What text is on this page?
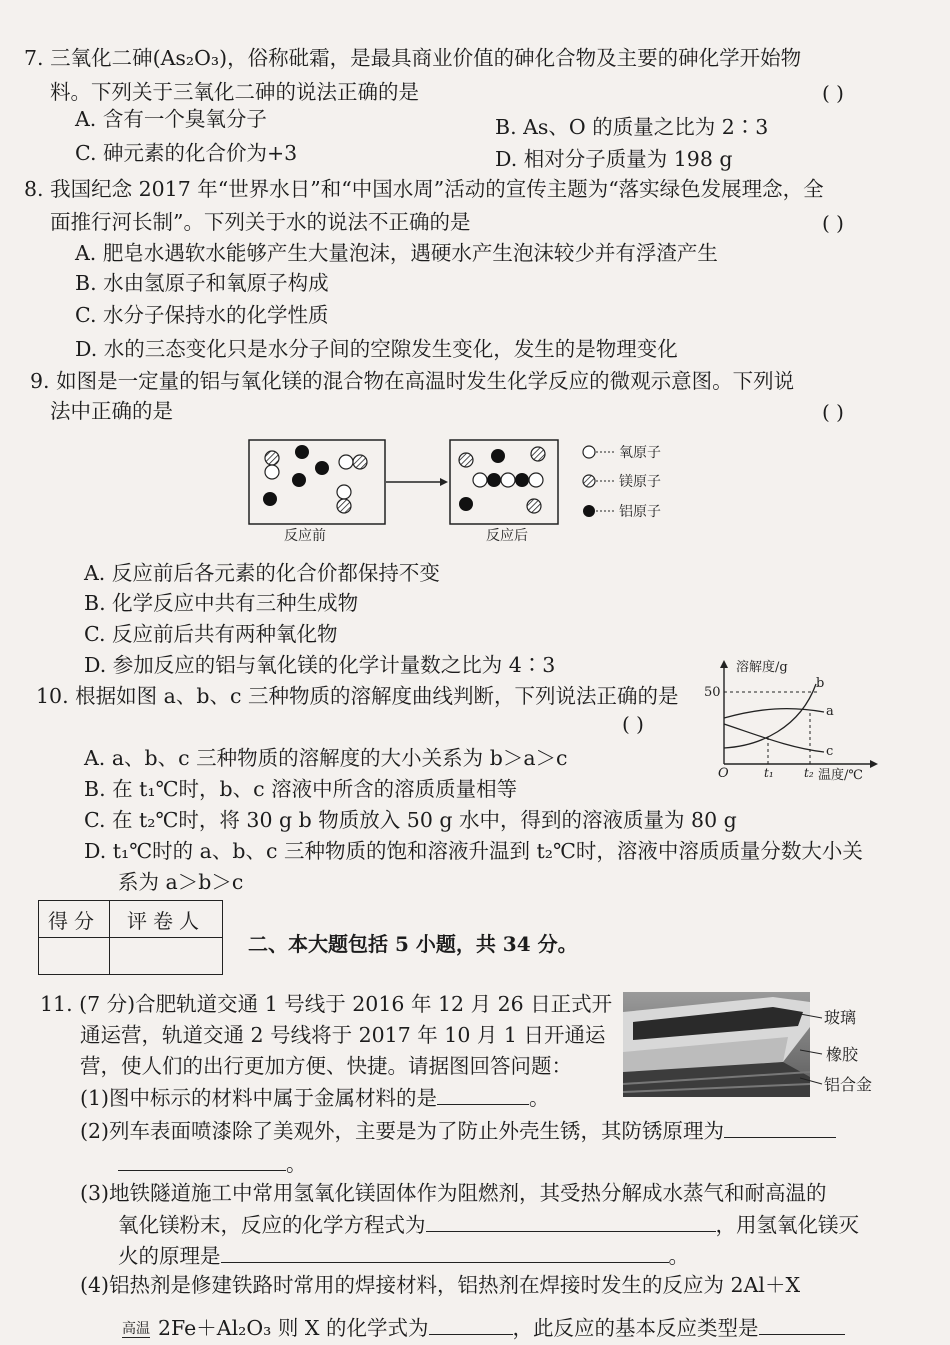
7. 三氧化二砷(As₂O₃)，俗称砒霜，是最具商业价值的砷化合物及主要的砷化学开始物
料。下列关于三氧化二砷的说法正确的是	( )
A. 含有一个臭氧分子	B. As、O 的质量之比为 2∶3
C. 砷元素的化合价为+3	D. 相对分子质量为 198 g
8. 我国纪念 2017 年“世界水日”和“中国水周”活动的宣传主题为“落实绿色发展理念，全
面推行河长制”。下列关于水的说法不正确的是	( )
A. 肥皂水遇软水能够产生大量泡沫，遇硬水产生泡沫较少并有浮渣产生
B. 水由氢原子和氧原子构成
C. 水分子保持水的化学性质
D. 水的三态变化只是水分子间的空隙发生变化，发生的是物理变化
9. 如图是一定量的铝与氧化镁的混合物在高温时发生化学反应的微观示意图。下列说
法中正确的是	( )
反应前	反应后
氧原子
镁原子
铝原子
A. 反应前后各元素的化合价都保持不变
B. 化学反应中共有三种生成物
C. 反应前后共有两种氧化物
D. 参加反应的铝与氧化镁的化学计量数之比为 4∶3
10. 根据如图 a、b、c 三种物质的溶解度曲线判断，下列说法正确的是
( )
溶解度/g
50
O	t₁	t₂ 温度/℃
a
b
c
A. a、b、c 三种物质的溶解度的大小关系为 b＞a＞c
B. 在 t₁℃时，b、c 溶液中所含的溶质质量相等
C. 在 t₂℃时，将 30 g b 物质放入 50 g 水中，得到的溶液质量为 80 g
D. t₁℃时的 a、b、c 三种物质的饱和溶液升温到 t₂℃时，溶液中溶质质量分数大小关
系为 a＞b＞c
得分	评卷人

二、本大题包括 5 小题，共 34 分。
11. (7 分)合肥轨道交通 1 号线于 2016 年 12 月 26 日正式开
通运营，轨道交通 2 号线将于 2017 年 10 月 1 日开通运
营，使人们的出行更加方便、快捷。请据图回答问题：
玻璃
橡胶
铝合金
(1)图中标示的材料中属于金属材料的是	。
(2)列车表面喷漆除了美观外，主要是为了防止外壳生锈，其防锈原理为
。
(3)地铁隧道施工中常用氢氧化镁固体作为阻燃剂，其受热分解成水蒸气和耐高温的
氧化镁粉末，反应的化学方程式为	，用氢氧化镁灭
火的原理是	。
(4)铝热剂是修建铁路时常用的焊接材料，铝热剂在焊接时发生的反应为 2Al＋X
高温 2Fe＋Al₂O₃ 则 X 的化学式为	，此反应的基本反应类型是
